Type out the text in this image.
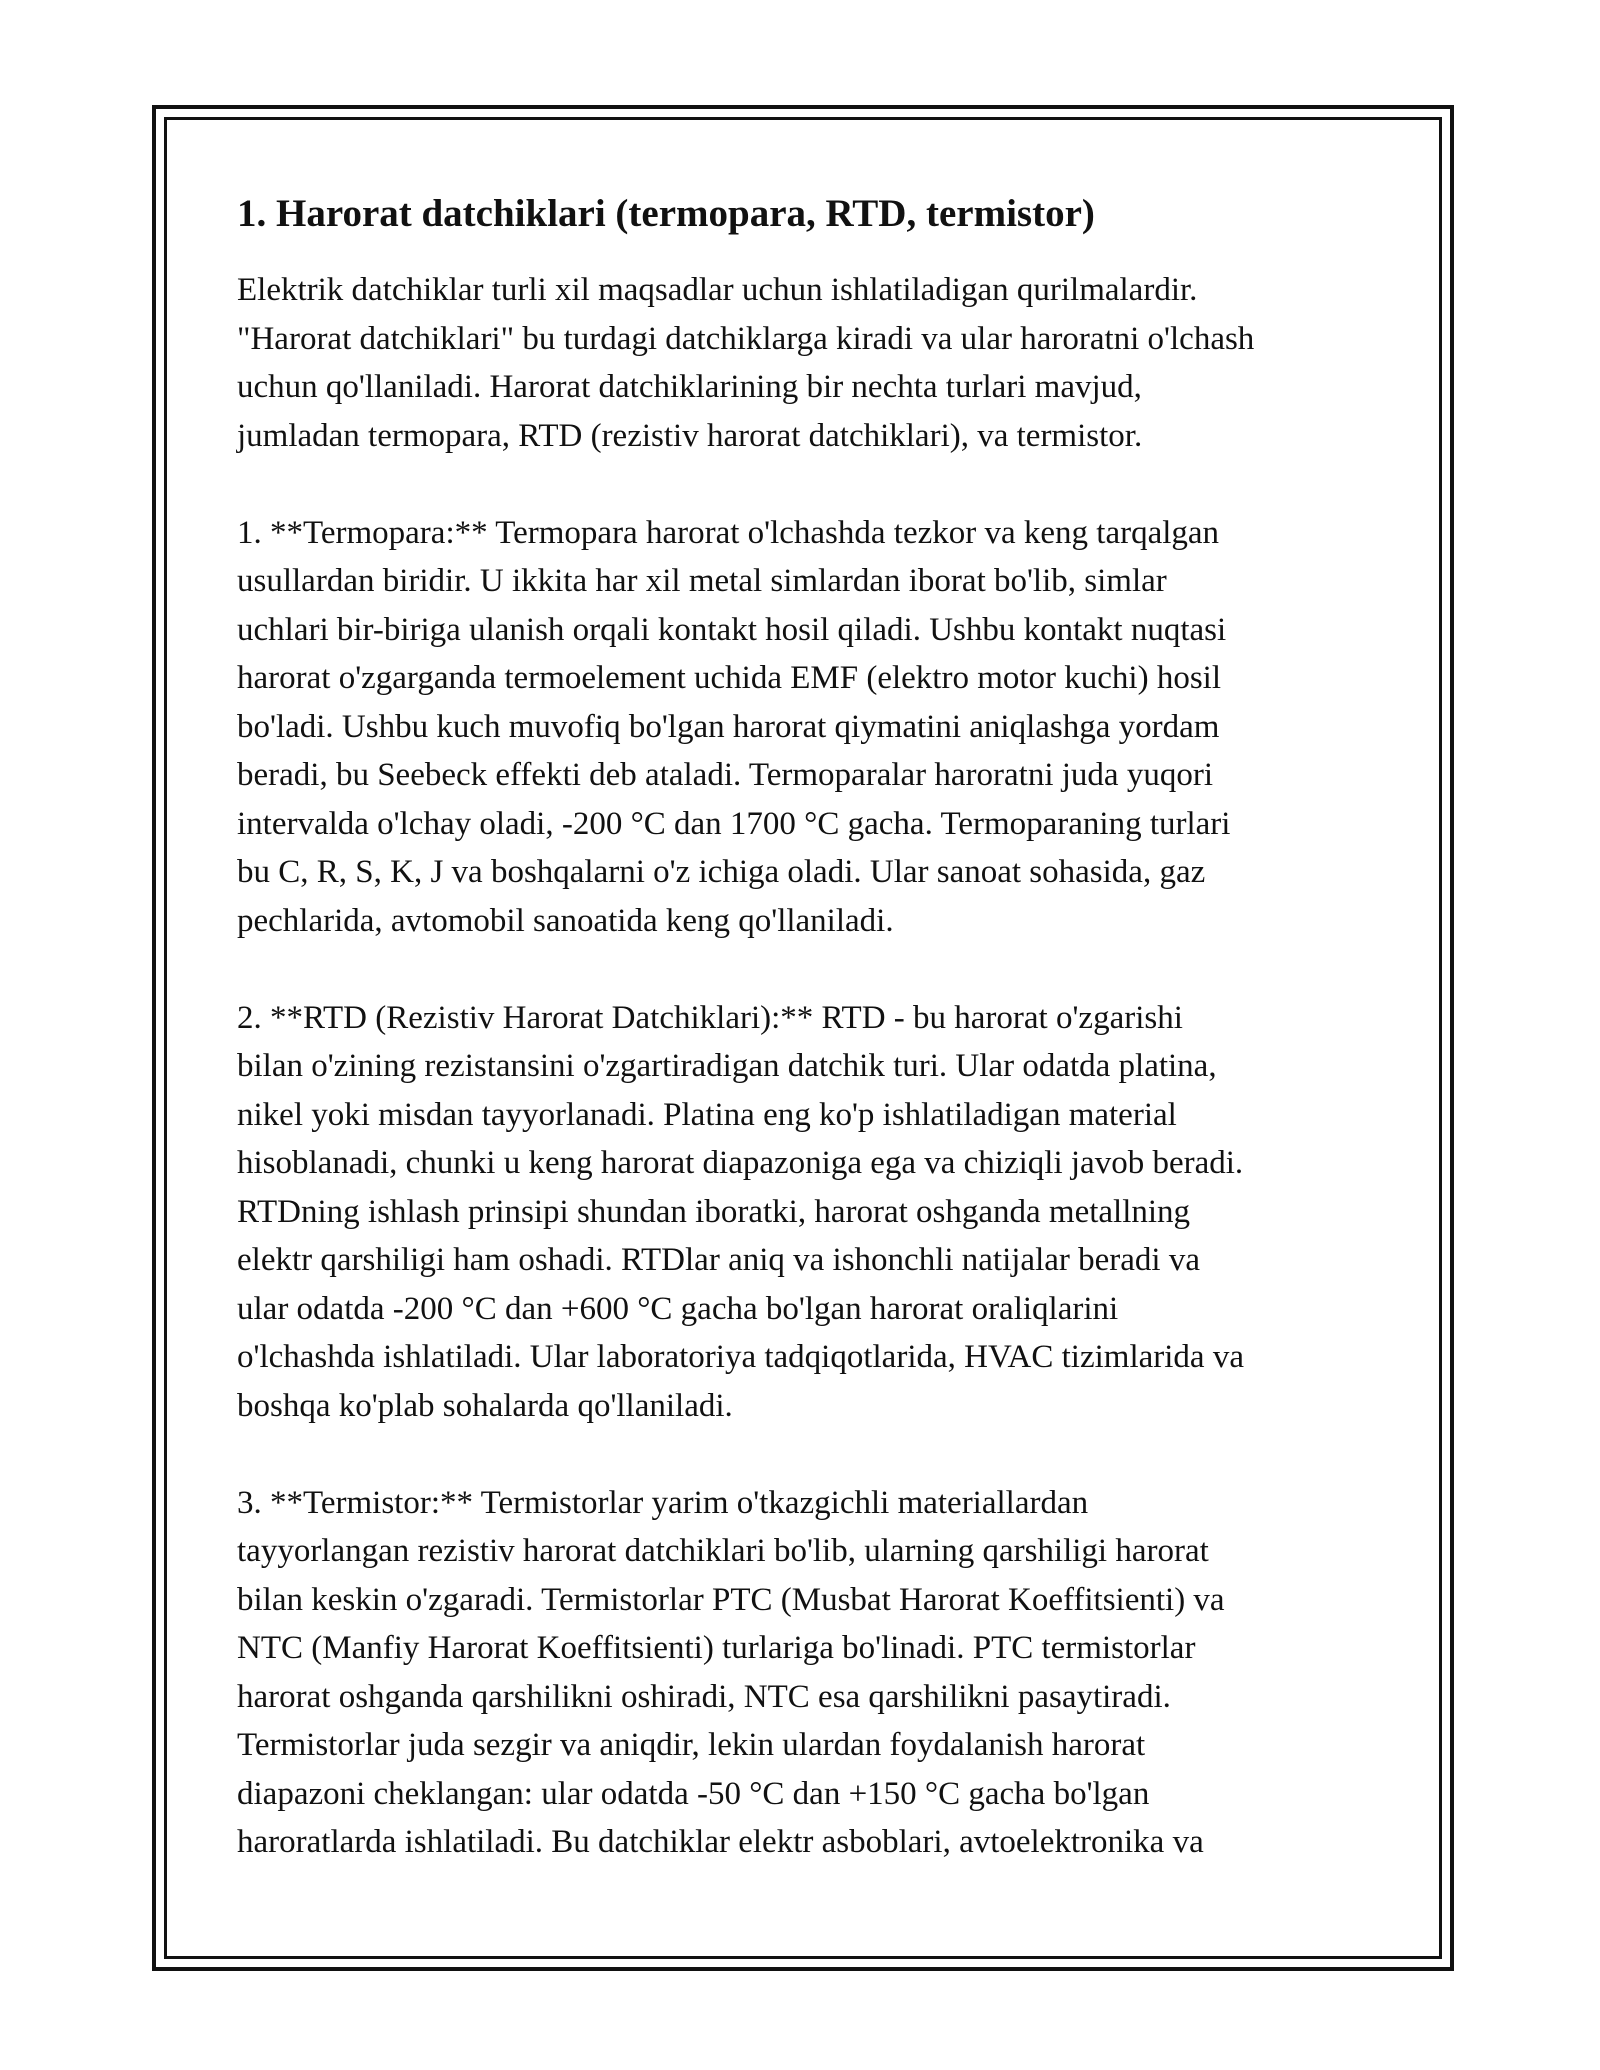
1. Harorat datchiklari (termopara, RTD, termistor)

Elektrik datchiklar turli xil maqsadlar uchun ishlatiladigan qurilmalardir.
"Harorat datchiklari" bu turdagi datchiklarga kiradi va ular haroratni o'lchash
uchun qo'llaniladi. Harorat datchiklarining bir nechta turlari mavjud,
jumladan termopara, RTD (rezistiv harorat datchiklari), va termistor.

1. **Termopara:** Termopara harorat o'lchashda tezkor va keng tarqalgan
usullardan biridir. U ikkita har xil metal simlardan iborat bo'lib, simlar
uchlari bir-biriga ulanish orqali kontakt hosil qiladi. Ushbu kontakt nuqtasi
harorat o'zgarganda termoelement uchida EMF (elektro motor kuchi) hosil
bo'ladi. Ushbu kuch muvofiq bo'lgan harorat qiymatini aniqlashga yordam
beradi, bu Seebeck effekti deb ataladi. Termoparalar haroratni juda yuqori
intervalda o'lchay oladi, -200 °C dan 1700 °C gacha. Termoparaning turlari
bu C, R, S, K, J va boshqalarni o'z ichiga oladi. Ular sanoat sohasida, gaz
pechlarida, avtomobil sanoatida keng qo'llaniladi.

2. **RTD (Rezistiv Harorat Datchiklari):** RTD - bu harorat o'zgarishi
bilan o'zining rezistansini o'zgartiradigan datchik turi. Ular odatda platina,
nikel yoki misdan tayyorlanadi. Platina eng ko'p ishlatiladigan material
hisoblanadi, chunki u keng harorat diapazoniga ega va chiziqli javob beradi.
RTDning ishlash prinsipi shundan iboratki, harorat oshganda metallning
elektr qarshiligi ham oshadi. RTDlar aniq va ishonchli natijalar beradi va
ular odatda -200 °C dan +600 °C gacha bo'lgan harorat oraliqlarini
o'lchashda ishlatiladi. Ular laboratoriya tadqiqotlarida, HVAC tizimlarida va
boshqa ko'plab sohalarda qo'llaniladi.

3. **Termistor:** Termistorlar yarim o'tkazgichli materiallardan
tayyorlangan rezistiv harorat datchiklari bo'lib, ularning qarshiligi harorat
bilan keskin o'zgaradi. Termistorlar PTC (Musbat Harorat Koeffitsienti) va
NTC (Manfiy Harorat Koeffitsienti) turlariga bo'linadi. PTC termistorlar
harorat oshganda qarshilikni oshiradi, NTC esa qarshilikni pasaytiradi.
Termistorlar juda sezgir va aniqdir, lekin ulardan foydalanish harorat
diapazoni cheklangan: ular odatda -50 °C dan +150 °C gacha bo'lgan
haroratlarda ishlatiladi. Bu datchiklar elektr asboblari, avtoelektronika va
